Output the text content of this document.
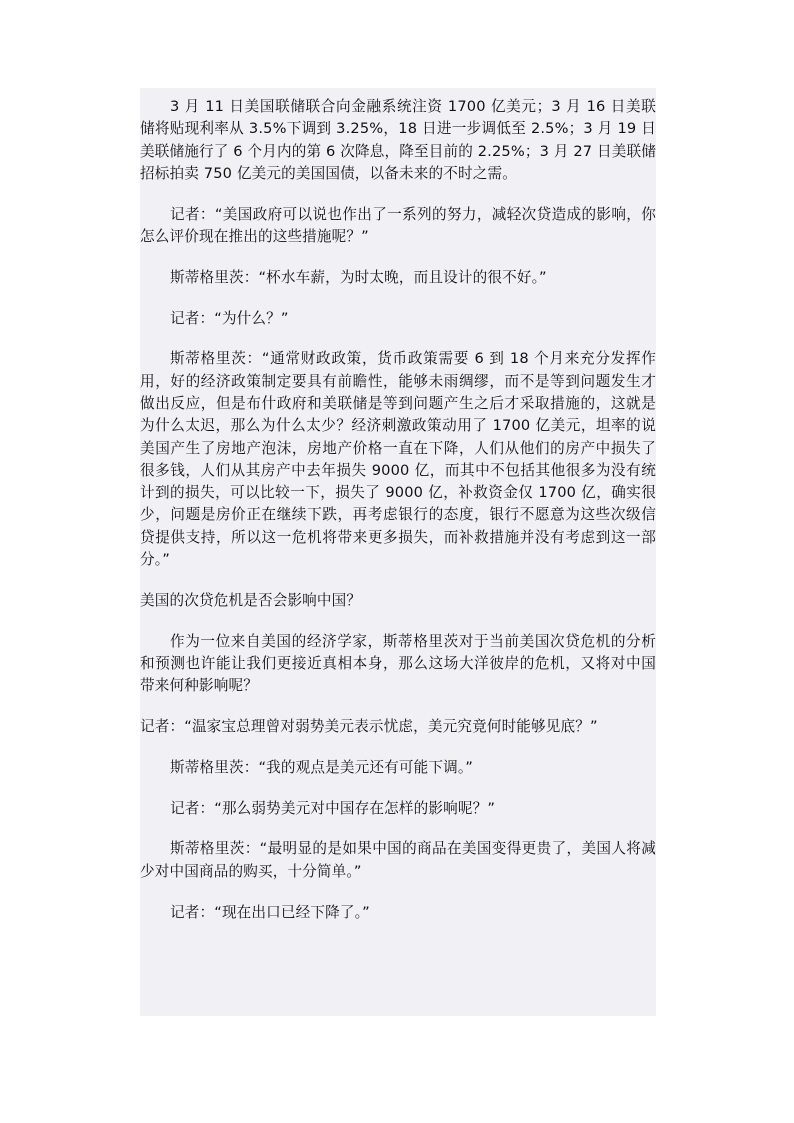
3 月 11 日美国联储联合向金融系统注资 1700 亿美元；3 月 16 日美联储将贴现利率从 3.5%下调到 3.25%，18 日进一步调低至 2.5%；3 月 19 日美联储施行了 6 个月内的第 6 次降息，降至目前的 2.25%；3 月 27 日美联储招标拍卖 750 亿美元的美国国债，以备未来的不时之需。

记者：“美国政府可以说也作出了一系列的努力，减轻次贷造成的影响，你怎么评价现在推出的这些措施呢？”

斯蒂格里茨：“杯水车薪，为时太晚，而且设计的很不好。”

记者：“为什么？”

斯蒂格里茨：“通常财政政策，货币政策需要 6 到 18 个月来充分发挥作用，好的经济政策制定要具有前瞻性，能够未雨绸缪，而不是等到问题发生才做出反应，但是布什政府和美联储是等到问题产生之后才采取措施的，这就是为什么太迟，那么为什么太少？经济刺激政策动用了 1700 亿美元，坦率的说美国产生了房地产泡沫，房地产价格一直在下降，人们从他们的房产中损失了很多钱，人们从其房产中去年损失 9000 亿，而其中不包括其他很多为没有统计到的损失，可以比较一下，损失了 9000 亿，补救资金仅 1700 亿，确实很少，问题是房价正在继续下跌，再考虑银行的态度，银行不愿意为这些次级信贷提供支持，所以这一危机将带来更多损失，而补救措施并没有考虑到这一部分。”

美国的次贷危机是否会影响中国？

作为一位来自美国的经济学家，斯蒂格里茨对于当前美国次贷危机的分析和预测也许能让我们更接近真相本身，那么这场大洋彼岸的危机，又将对中国带来何种影响呢？

记者：“温家宝总理曾对弱势美元表示忧虑，美元究竟何时能够见底？”

斯蒂格里茨：“我的观点是美元还有可能下调。”

记者：“那么弱势美元对中国存在怎样的影响呢？”

斯蒂格里茨：“最明显的是如果中国的商品在美国变得更贵了，美国人将减少对中国商品的购买，十分简单。”

记者：“现在出口已经下降了。”
